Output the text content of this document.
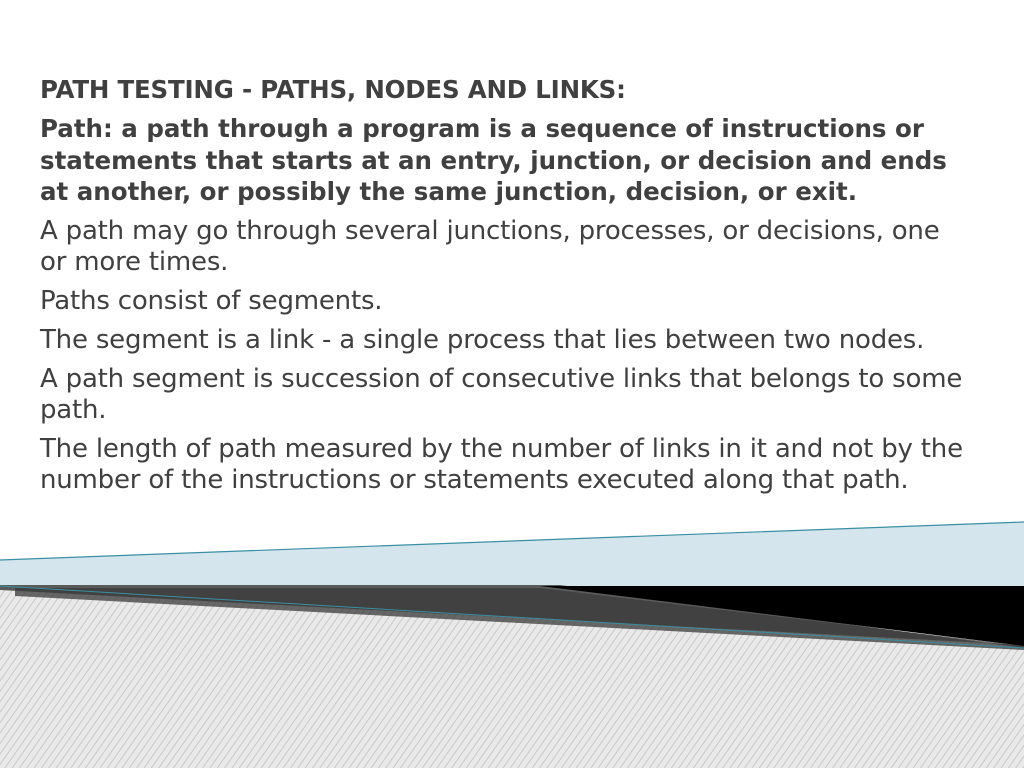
PATH TESTING - PATHS, NODES AND LINKS:

Path: a path through a program is a sequence of instructions or statements that starts at an entry, junction, or decision and ends at another, or possibly the same junction, decision, or exit.

A path may go through several junctions, processes, or decisions, one or more times.

Paths consist of segments.

The segment is a link - a single process that lies between two nodes.

A path segment is succession of consecutive links that belongs to some path.

The length of path measured by the number of links in it and not by the number of the instructions or statements executed along that path.
